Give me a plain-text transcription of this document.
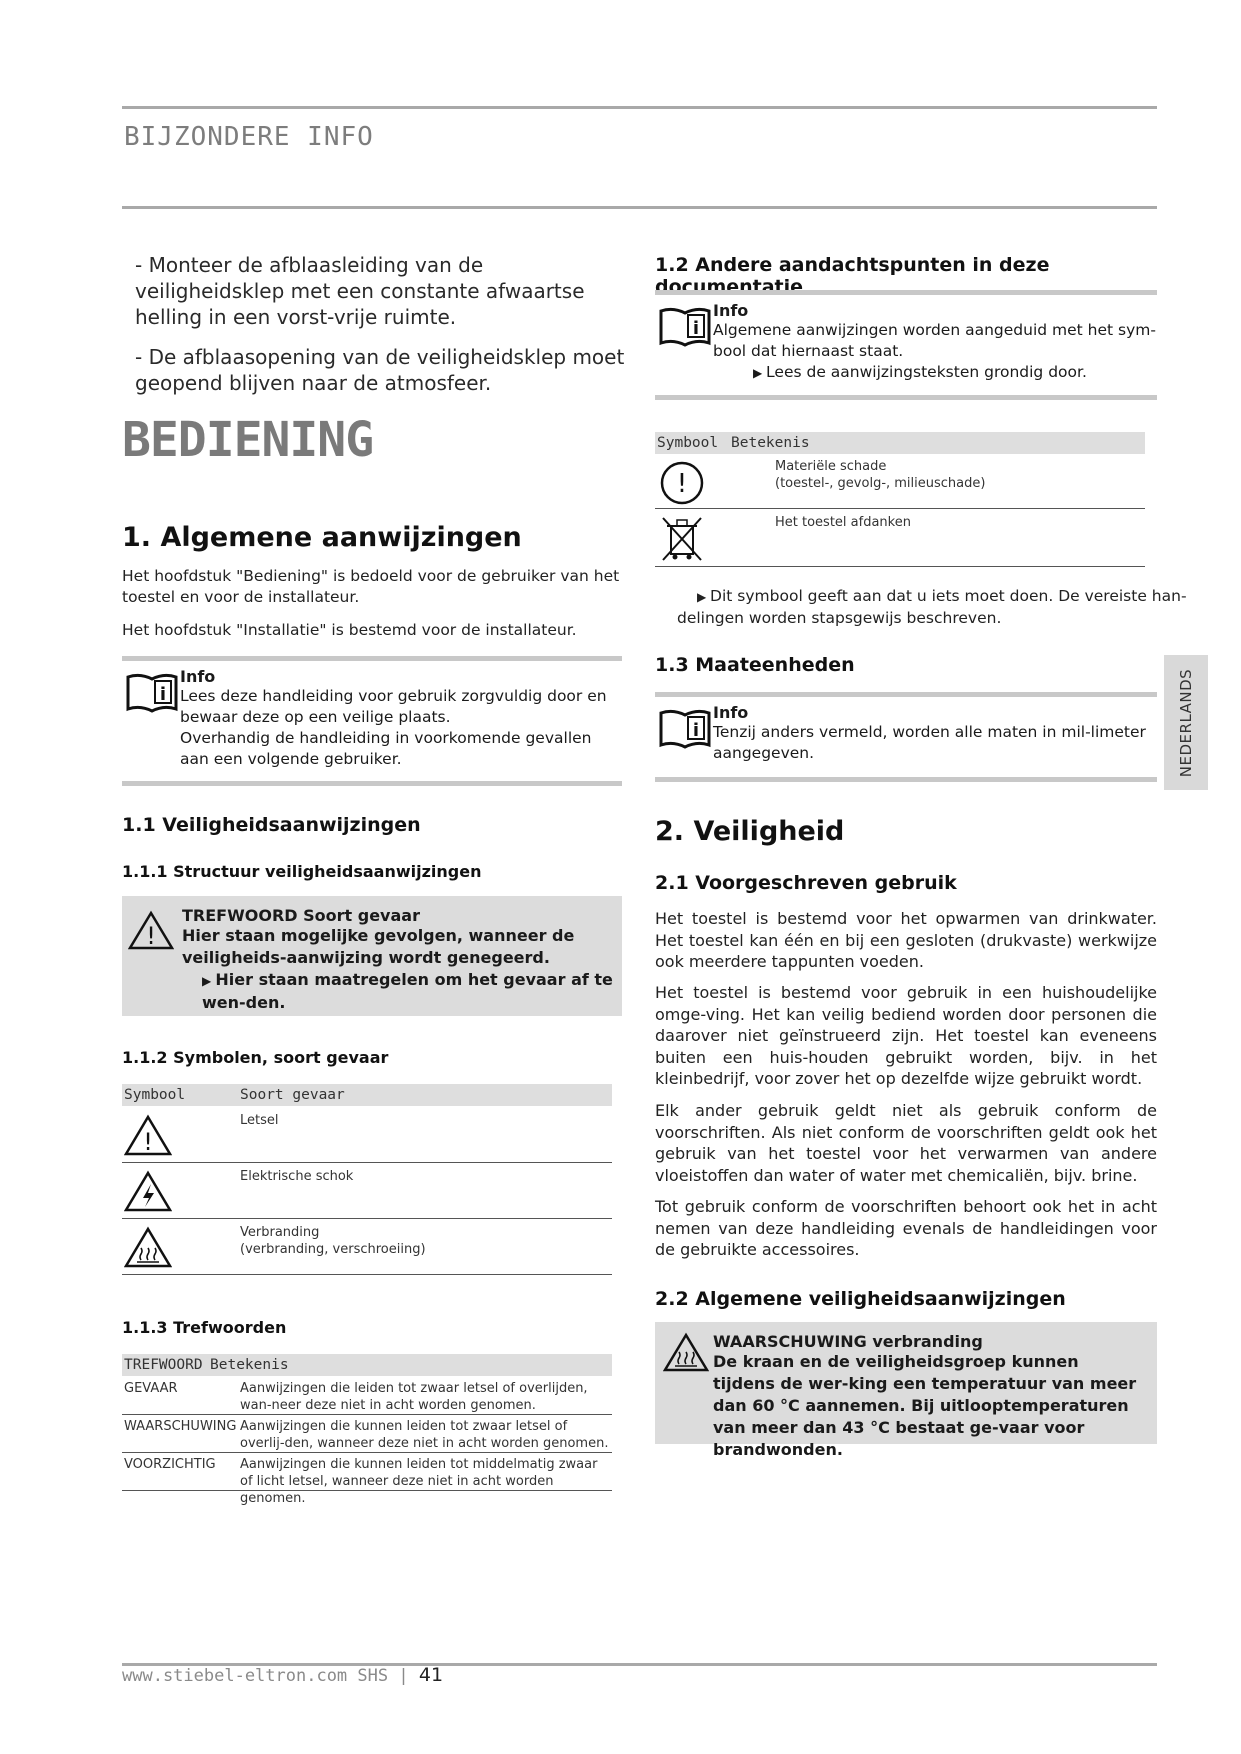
BIJZONDERE INFO
NEDERLANDS
- Monteer de afblaasleiding van de veiligheidsklep met een constante afwaartse helling in een vorst-vrije ruimte.
- De afblaasopening van de veiligheidsklep moet geopend blijven naar de atmosfeer.
BEDIENING
1. Algemene aanwijzingen
Het hoofdstuk "Bediening" is bedoeld voor de gebruiker van het toestel en voor de installateur.
Het hoofdstuk "Installatie" is bestemd voor de installateur.
i
Info
Lees deze handleiding voor gebruik zorgvuldig door en bewaar deze op een veilige plaats.
Overhandig de handleiding in voorkomende gevallen aan een volgende gebruiker.
1.1 Veiligheidsaanwijzingen
1.1.1 Structuur veiligheidsaanwijzingen
!
TREFWOORD Soort gevaar
Hier staan mogelijke gevolgen, wanneer de veiligheids-aanwijzing wordt genegeerd.
▶ Hier staan maatregelen om het gevaar af te wen-den.
1.1.2 Symbolen, soort gevaar
Symbool	Soort gevaar
!
Letsel
Elektrische schok
Verbranding
(verbranding, verschroeiing)
1.1.3 Trefwoorden
TREFWOORD Betekenis
GEVAAR	Aanwijzingen die leiden tot zwaar letsel of overlijden, wan-neer deze niet in acht worden genomen.
WAARSCHUWING Aanwijzingen die kunnen leiden tot zwaar letsel of overlij-den, wanneer deze niet in acht worden genomen.
VOORZICHTIG Aanwijzingen die kunnen leiden tot middelmatig zwaar of licht letsel, wanneer deze niet in acht worden genomen.
1.2 Andere aandachtspunten in deze documentatie
i
Info
Algemene aanwijzingen worden aangeduid met het sym-bool dat hiernaast staat.
▶ Lees de aanwijzingsteksten grondig door.
Symbool Betekenis
!
Materiële schade
(toestel-, gevolg-, milieuschade)
Het toestel afdanken
▶ Dit symbool geeft aan dat u iets moet doen. De vereiste han-delingen worden stapsgewijs beschreven.
1.3 Maateenheden
i
Info
Tenzij anders vermeld, worden alle maten in mil-limeter aangegeven.
2. Veiligheid
2.1 Voorgeschreven gebruik
Het toestel is bestemd voor het opwarmen van drinkwater. Het toestel kan één en bij een gesloten (drukvaste) werkwijze ook meerdere tappunten voeden.
Het toestel is bestemd voor gebruik in een huishoudelijke omge-ving. Het kan veilig bediend worden door personen die daarover niet geïnstrueerd zijn. Het toestel kan eveneens buiten een huis-houden gebruikt worden, bijv. in het kleinbedrijf, voor zover het op dezelfde wijze gebruikt wordt.
Elk ander gebruik geldt niet als gebruik conform de voorschriften. Als niet conform de voorschriften geldt ook het gebruik van het toestel voor het verwarmen van andere vloeistoffen dan water of water met chemicaliën, bijv. brine.
Tot gebruik conform de voorschriften behoort ook het in acht nemen van deze handleiding evenals de handleidingen voor de gebruikte accessoires.
2.2 Algemene veiligheidsaanwijzingen
WAARSCHUWING verbranding
De kraan en de veiligheidsgroep kunnen tijdens de wer-king een temperatuur van meer dan 60 °C aannemen. Bij uitlooptemperaturen van meer dan 43 °C bestaat ge-vaar voor brandwonden.
www.stiebel-eltron.com SHS | 41
